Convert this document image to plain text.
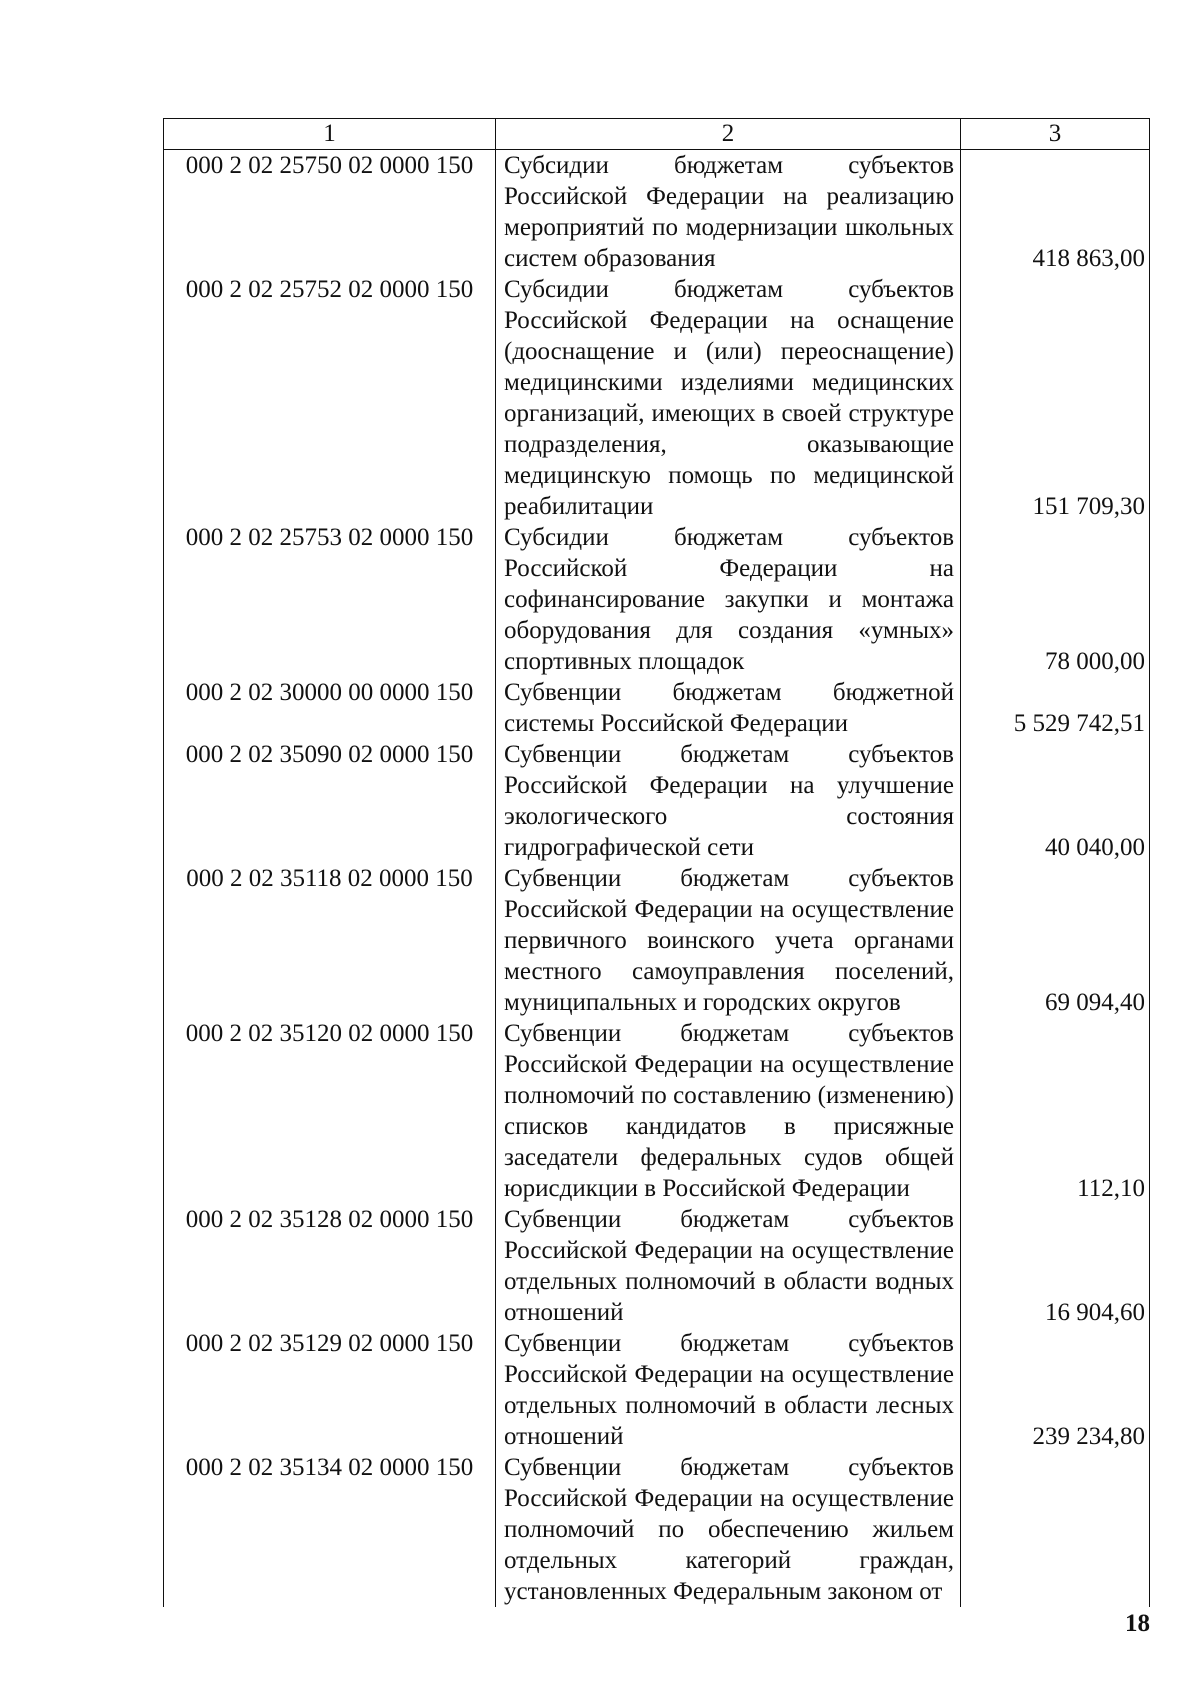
1	2	3
000 2 02 25750 02 0000 150	Субсидии бюджетам субъектов Российской Федерации на реализацию мероприятий по модернизации школьных систем образования	418 863,00
000 2 02 25752 02 0000 150	Субсидии бюджетам субъектов Российской Федерации на оснащение (дооснащение и (или) переоснащение) медицинскими изделиями медицинских организаций, имеющих в своей структуре подразделения, оказывающие медицинскую помощь по медицинской реабилитации	151 709,30
000 2 02 25753 02 0000 150	Субсидии бюджетам субъектов Российской Федерации на софинансирование закупки и монтажа оборудования для создания «умных» спортивных площадок	78 000,00
000 2 02 30000 00 0000 150	Субвенции бюджетам бюджетной системы Российской Федерации	5 529 742,51
000 2 02 35090 02 0000 150	Субвенции бюджетам субъектов Российской Федерации на улучшение экологического состояния гидрографической сети	40 040,00
000 2 02 35118 02 0000 150	Субвенции бюджетам субъектов Российской Федерации на осуществление первичного воинского учета органами местного самоуправления поселений, муниципальных и городских округов	69 094,40
000 2 02 35120 02 0000 150	Субвенции бюджетам субъектов Российской Федерации на осуществление полномочий по составлению (изменению) списков кандидатов в присяжные заседатели федеральных судов общей юрисдикции в Российской Федерации	112,10
000 2 02 35128 02 0000 150	Субвенции бюджетам субъектов Российской Федерации на осуществление отдельных полномочий в области водных отношений	16 904,60
000 2 02 35129 02 0000 150	Субвенции бюджетам субъектов Российской Федерации на осуществление отдельных полномочий в области лесных отношений	239 234,80
000 2 02 35134 02 0000 150	Субвенции бюджетам субъектов Российской Федерации на осуществление полномочий по обеспечению жильем отдельных категорий граждан, установленных Федеральным законом от	
18
